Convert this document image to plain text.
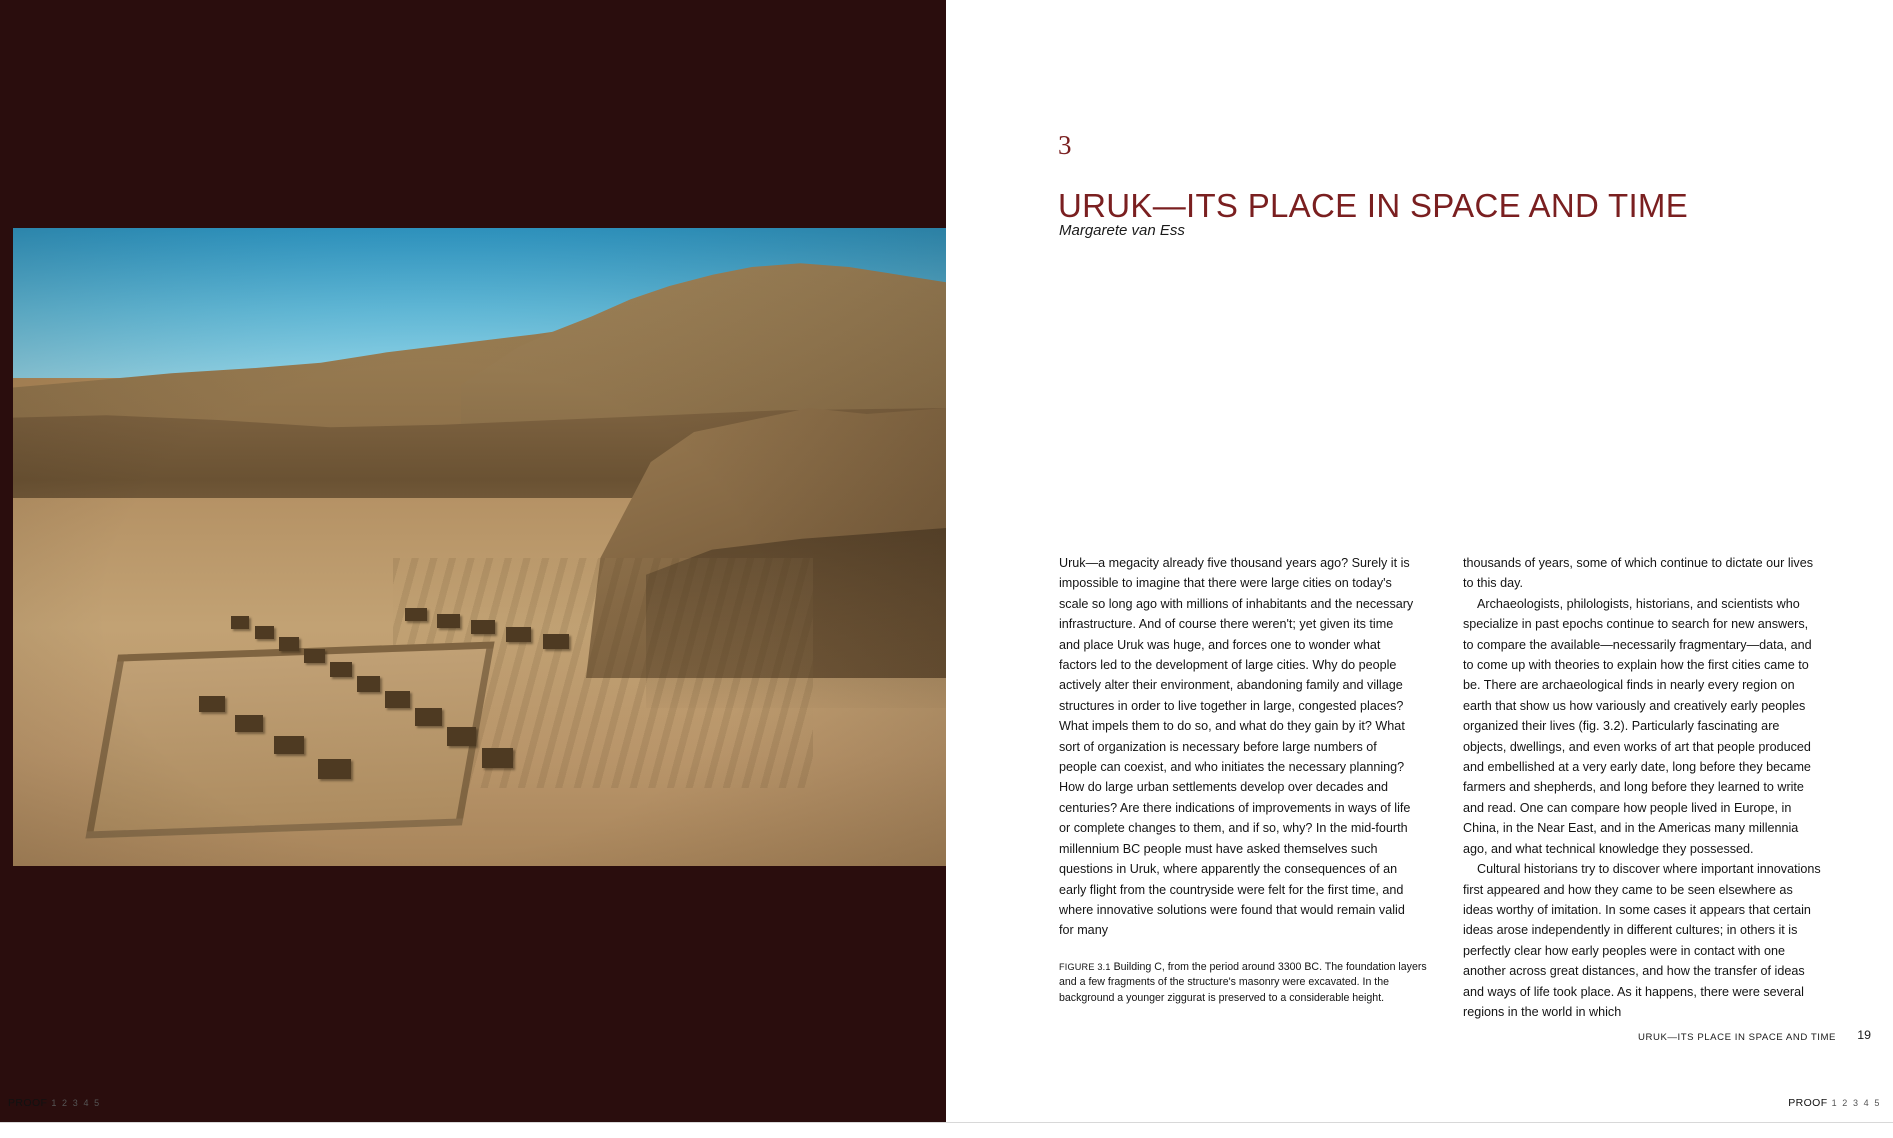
3
URUK—ITS PLACE IN SPACE AND TIME
Margarete van Ess

Uruk—a megacity already five thousand years ago? Surely it is impossible to imagine that there were large cities on today's scale so long ago with millions of inhabitants and the necessary infrastructure. And of course there weren't; yet given its time and place Uruk was huge, and forces one to wonder what factors led to the development of large cities. Why do people actively alter their environment, abandoning family and village structures in order to live together in large, congested places? What impels them to do so, and what do they gain by it? What sort of organization is necessary before large numbers of people can coexist, and who initiates the necessary planning? How do large urban settlements develop over decades and centuries? Are there indications of improvements in ways of life or complete changes to them, and if so, why? In the mid-fourth millennium BC people must have asked themselves such questions in Uruk, where apparently the consequences of an early flight from the countryside were felt for the first time, and where innovative solutions were found that would remain valid for many

thousands of years, some of which continue to dictate our lives to this day.

Archaeologists, philologists, historians, and scientists who specialize in past epochs continue to search for new answers, to compare the available—necessarily fragmentary—data, and to come up with theories to explain how the first cities came to be. There are archaeological finds in nearly every region on earth that show us how variously and creatively early peoples organized their lives (fig. 3.2). Particularly fascinating are objects, dwellings, and even works of art that people produced and embellished at a very early date, long before they became farmers and shepherds, and long before they learned to write and read. One can compare how people lived in Europe, in China, in the Near East, and in the Americas many millennia ago, and what technical knowledge they possessed.

Cultural historians try to discover where important innovations first appeared and how they came to be seen elsewhere as ideas worthy of imitation. In some cases it appears that certain ideas arose independently in different cultures; in others it is perfectly clear how early peoples were in contact with one another across great distances, and how the transfer of ideas and ways of life took place. As it happens, there were several regions in the world in which

FIGURE 3.1 Building C, from the period around 3300 BC. The foundation layers and a few fragments of the structure's masonry were excavated. In the background a younger ziggurat is preserved to a considerable height.
URUK—ITS PLACE IN SPACE AND TIME 19
PROOF 1 2 3 4 5	PROOF 1 2 3 4 5
